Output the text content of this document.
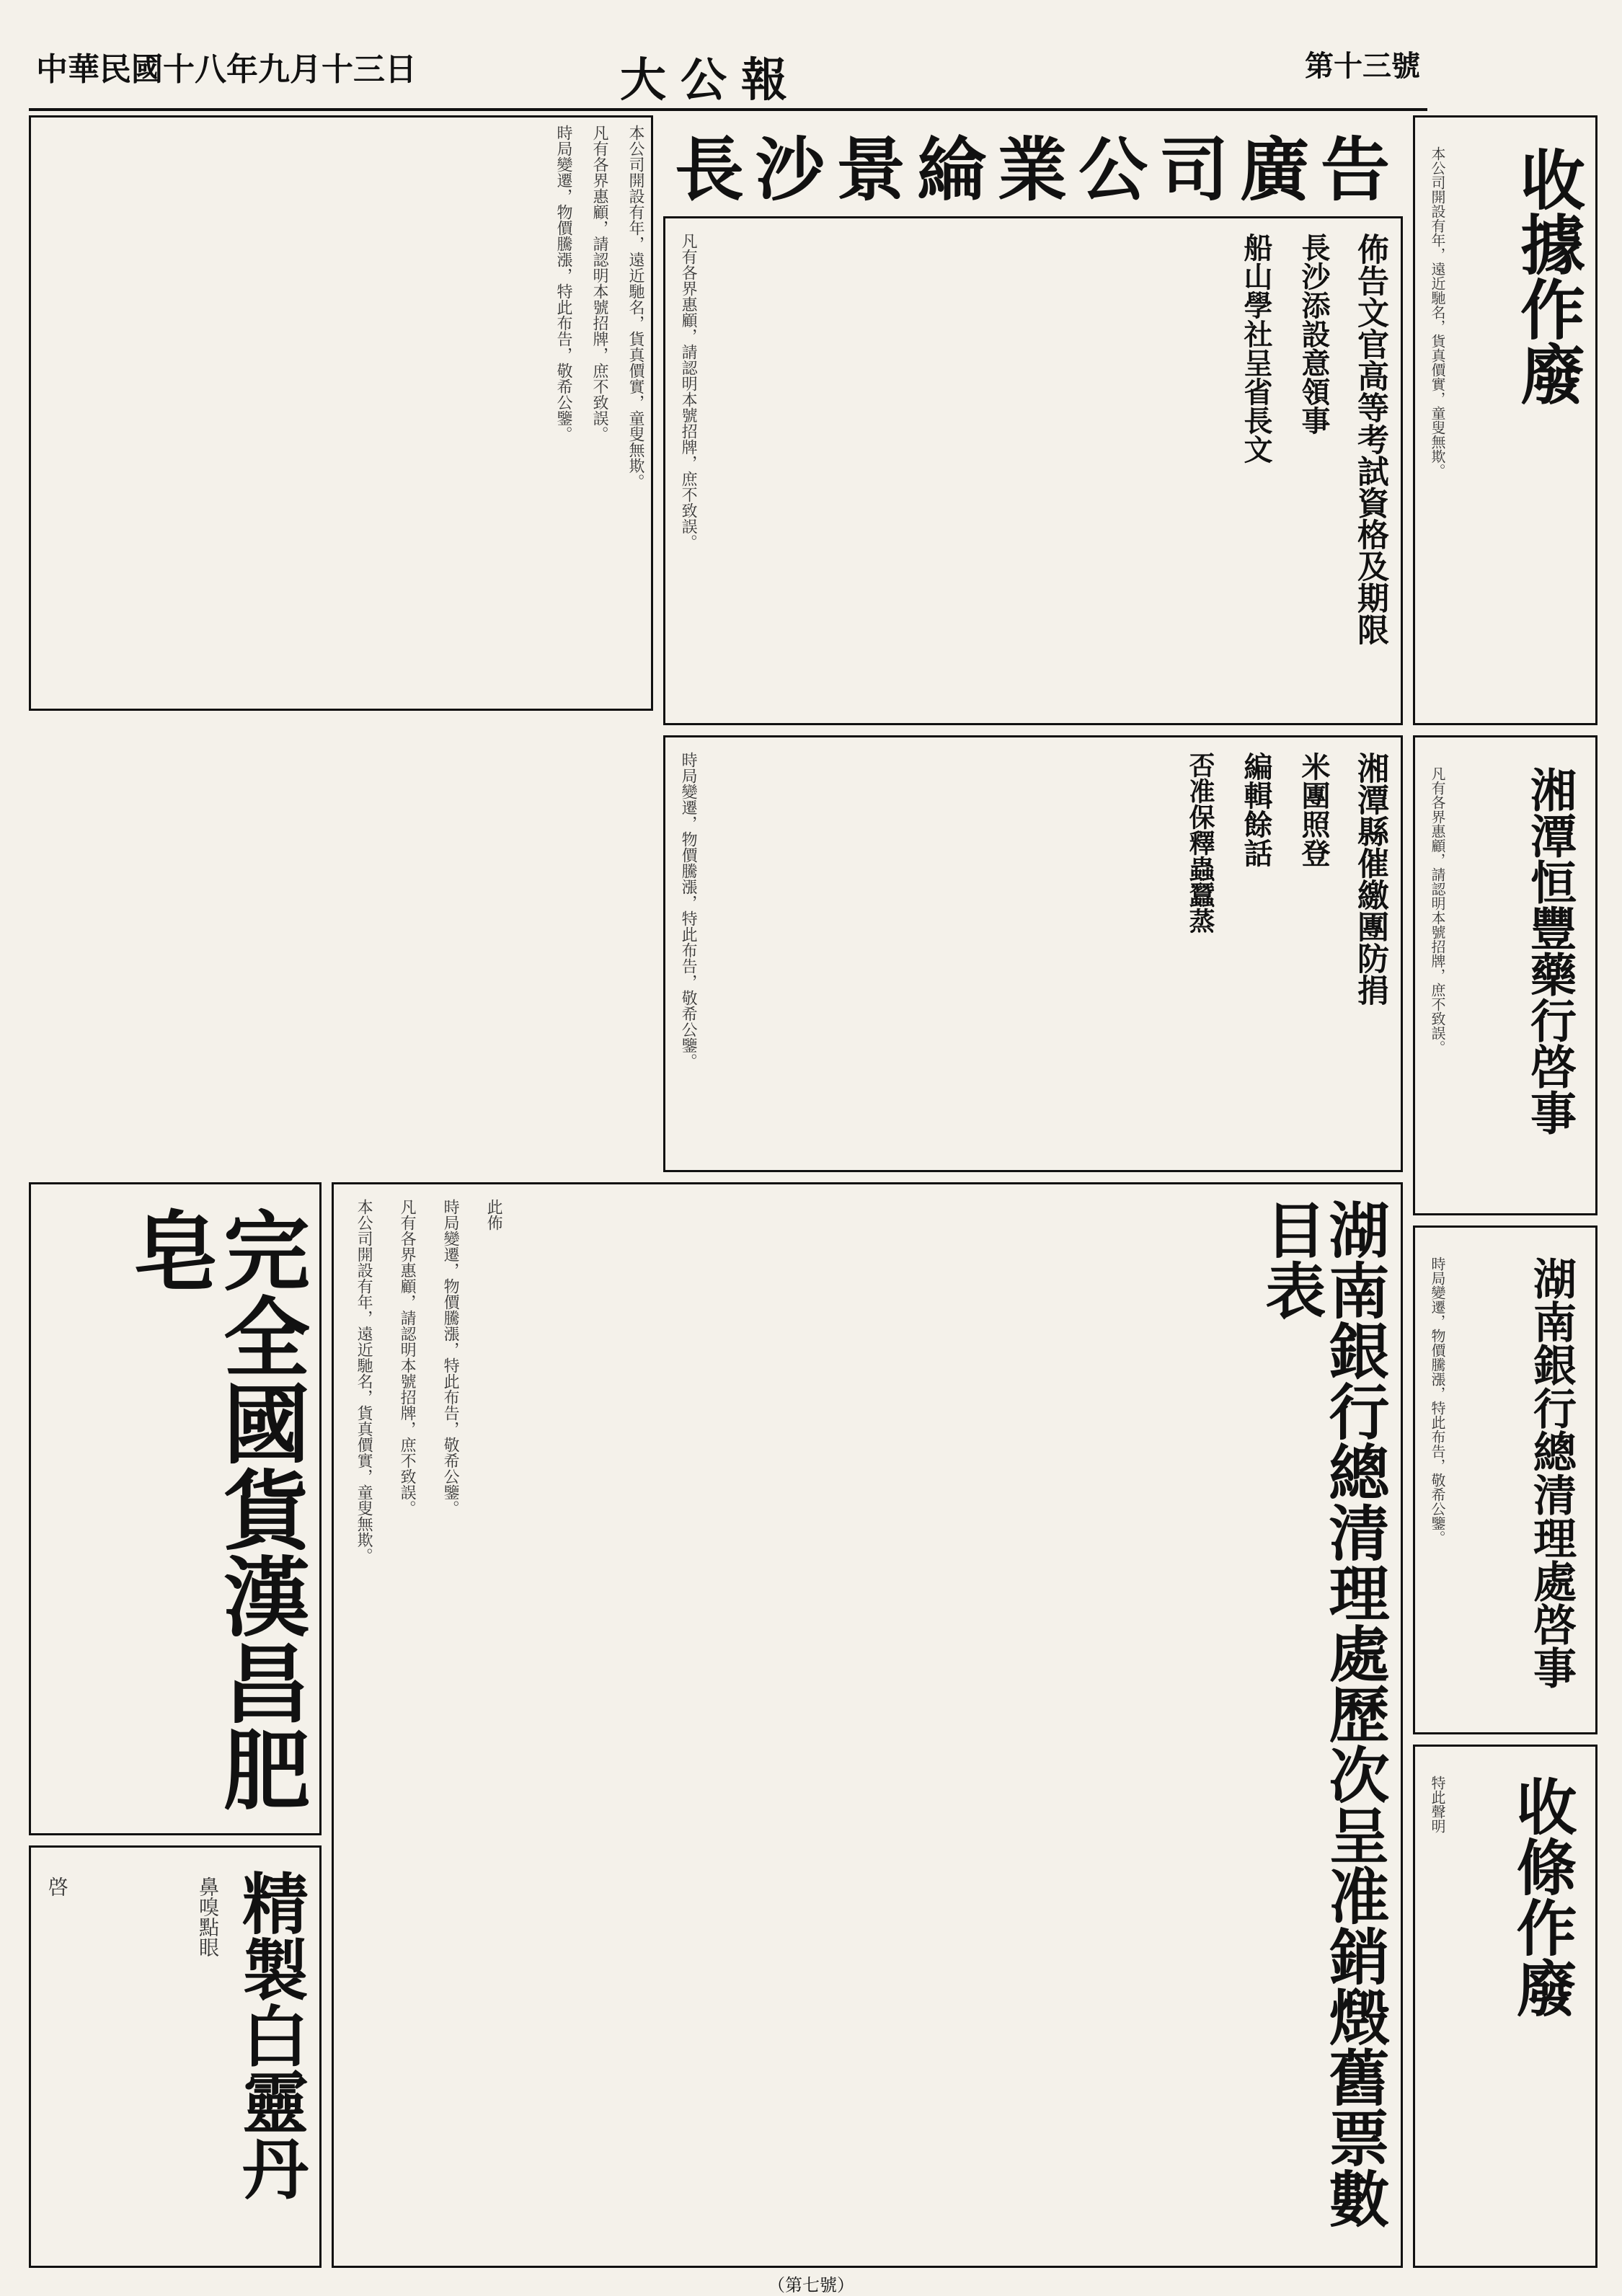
中華民國十八年九月十三日	大公報	第十三號
收據作廢
本公司開設有年，遠近馳名，貨真價實，童叟無欺。
湘潭恒豐藥行啓事
凡有各界惠顧，請認明本號招牌，庶不致誤。
湖南銀行總清理處啓事
時局變遷，物價騰漲，特此布告，敬希公鑒。
收條作廢
特此聲明
長沙景綸業公司廣告
本公司開設有年，遠近馳名，貨真價實，童叟無欺。
凡有各界惠顧，請認明本號招牌，庶不致誤。
時局變遷，物價騰漲，特此布告，敬希公鑒。	佈告文官高等考試資格及期限
長沙添設意領事
船山學社呈省長文
凡有各界惠顧，請認明本號招牌，庶不致誤。
湘潭縣催繳團防捐
米團照登
編輯餘話
否准保釋蟲蠶蒸
時局變遷，物價騰漲，特此布告，敬希公鑒。
湖南銀行總清理處歷次呈准銷燬舊票數目表
本公司開設有年，遠近馳名，貨真價實，童叟無欺。 凡有各界惠顧，請認明本號招牌，庶不致誤。 時局變遷，物價騰漲，特此布告，敬希公鑒。 此佈
完全國貨漢昌肥皂
精製白靈丹
鼻嗅點眼
啓
（第七號）
